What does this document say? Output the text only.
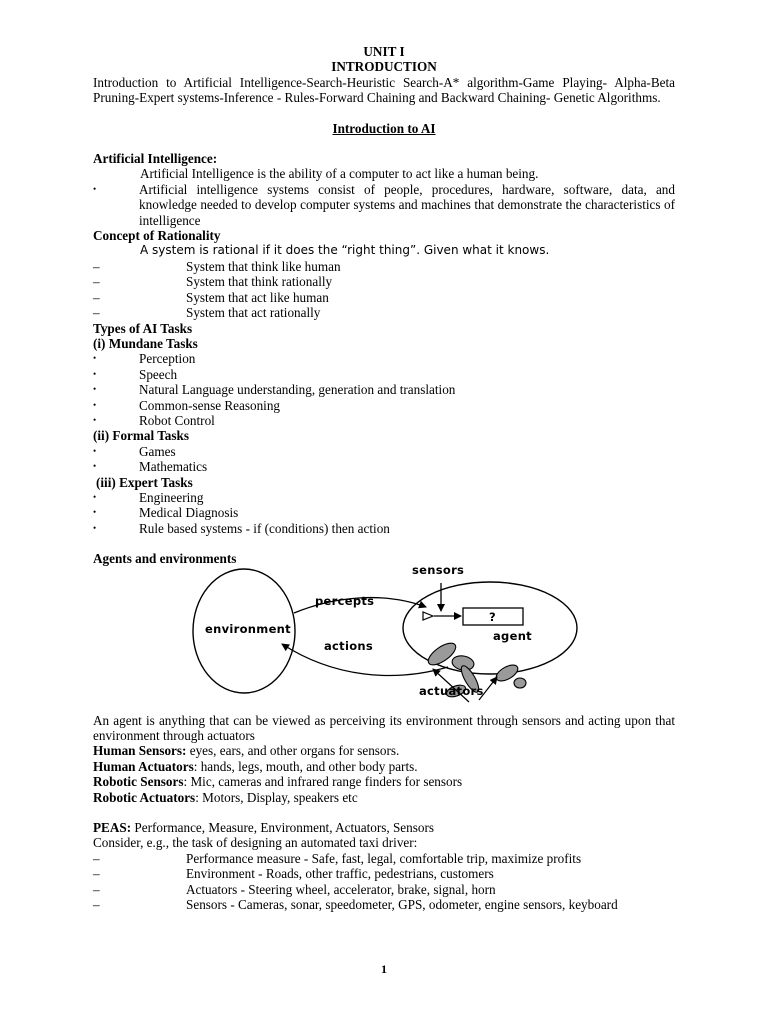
UNIT I
INTRODUCTION
Introduction to Artificial Intelligence-Search-Heuristic Search-A* algorithm-Game Playing- Alpha-Beta Pruning-Expert systems-Inference - Rules-Forward Chaining and Backward Chaining- Genetic Algorithms.
Introduction to AI
Artificial Intelligence:
Artificial Intelligence is the ability of a computer to act like a human being.
•	Artificial intelligence systems consist of people, procedures, hardware, software, data, and knowledge needed to develop computer systems and machines that demonstrate the characteristics of intelligence
Concept of Rationality
A system is rational if it does the “right thing”. Given what it knows.
–	System that think like human
–	System that think rationally
–	System that act like human
–	System that act rationally
Types of AI Tasks
(i) Mundane Tasks
•	Perception
•	Speech
•	Natural Language understanding, generation and translation
•	Common-sense Reasoning
•	Robot Control
(ii) Formal Tasks
•	Games
•	Mathematics
(iii) Expert Tasks
•	Engineering
•	Medical Diagnosis
•	Rule based systems - if (conditions) then action
Agents and environments
sensors
percepts
environment
actions
agent
?
actuators
An agent is anything that can be viewed as perceiving its environment through sensors and acting upon that environment through actuators
Human Sensors: eyes, ears, and other organs for sensors.
Human Actuators: hands, legs, mouth, and other body parts.
Robotic Sensors: Mic, cameras and infrared range finders for sensors
Robotic Actuators: Motors, Display, speakers etc
PEAS: Performance, Measure, Environment, Actuators, Sensors
Consider, e.g., the task of designing an automated taxi driver:
–	Performance measure - Safe, fast, legal, comfortable trip, maximize profits
–	Environment - Roads, other traffic, pedestrians, customers
–	Actuators - Steering wheel, accelerator, brake, signal, horn
–	Sensors - Cameras, sonar, speedometer, GPS, odometer, engine sensors, keyboard
1
